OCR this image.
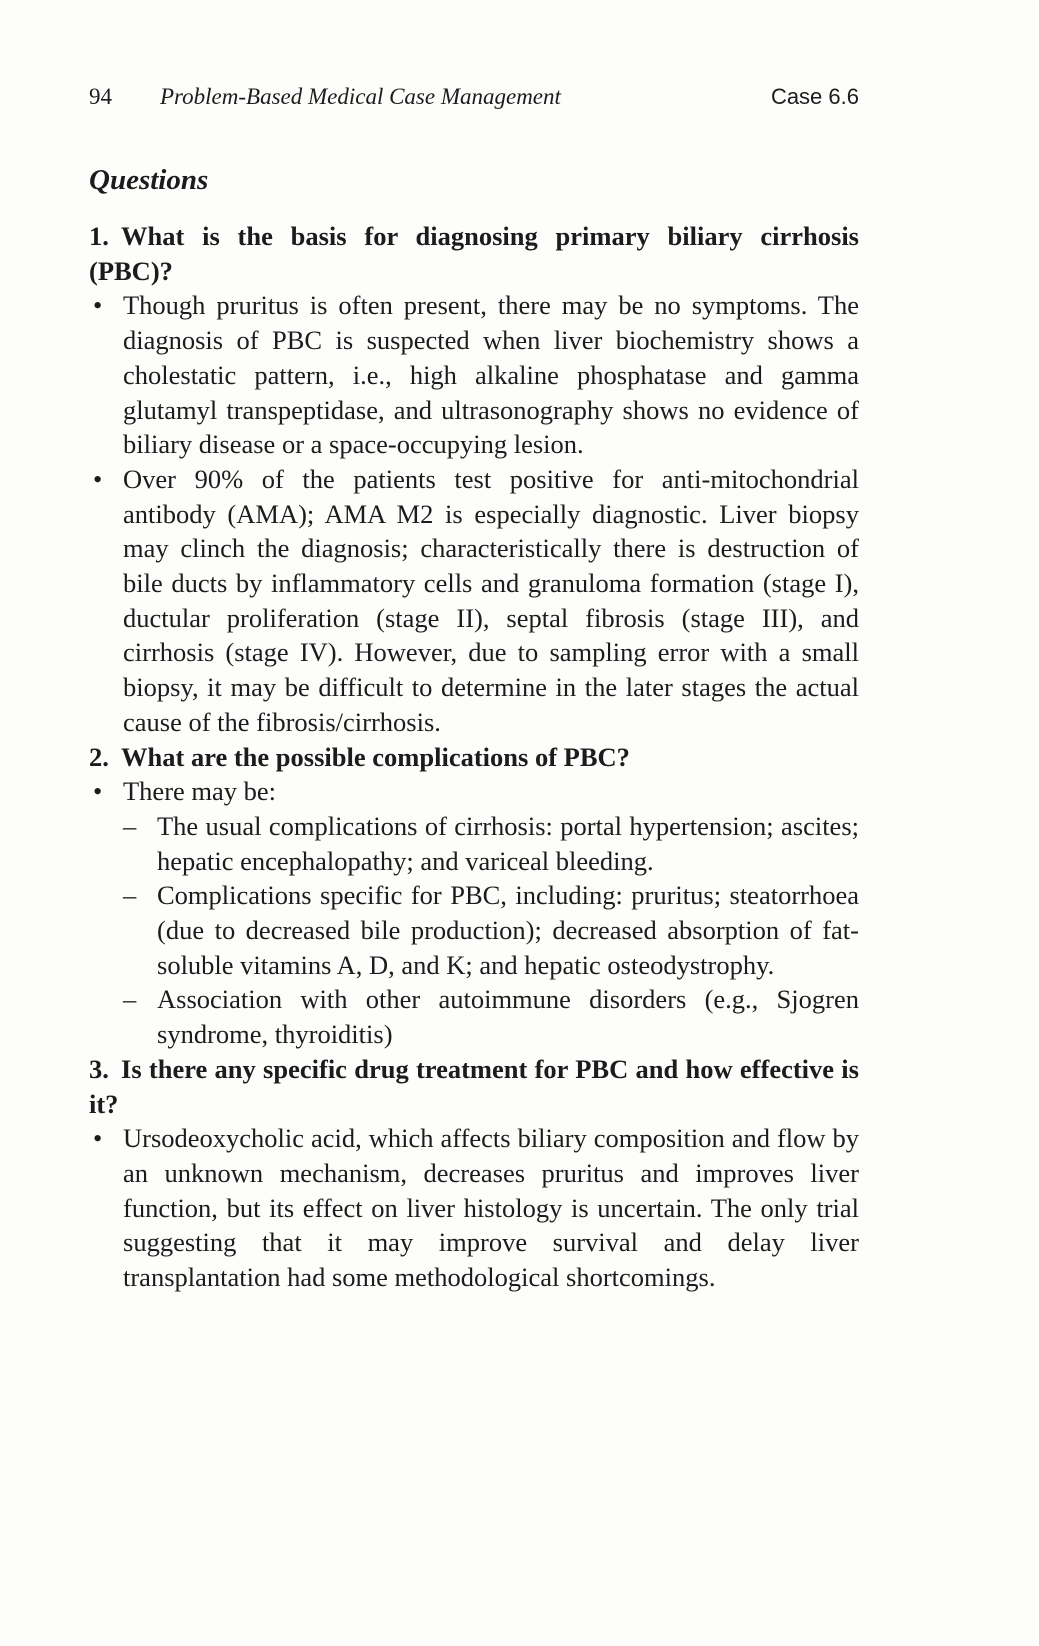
94 Problem-Based Medical Case Management	Case 6.6
Questions

1. What is the basis for diagnosing primary biliary cirrhosis (PBC)?

• Though pruritus is often present, there may be no symptoms. The diagnosis of PBC is suspected when liver biochemistry shows a cholestatic pattern, i.e., high alkaline phosphatase and gamma glutamyl transpeptidase, and ultrasonography shows no evidence of biliary disease or a space-occupying lesion.

• Over 90% of the patients test positive for anti-mitochondrial antibody (AMA); AMA M2 is especially diagnostic. Liver biopsy may clinch the diagnosis; characteristically there is destruction of bile ducts by inflammatory cells and granuloma formation (stage I), ductular proliferation (stage II), septal fibrosis (stage III), and cirrhosis (stage IV). However, due to sampling error with a small biopsy, it may be difficult to determine in the later stages the actual cause of the fibrosis/cirrhosis.

2. What are the possible complications of PBC?

• There may be:

– The usual complications of cirrhosis: portal hypertension; ascites; hepatic encephalopathy; and variceal bleeding.

– Complications specific for PBC, including: pruritus; steatorrhoea (due to decreased bile production); decreased absorption of fat-soluble vitamins A, D, and K; and hepatic osteodystrophy.

– Association with other autoimmune disorders (e.g., Sjogren syndrome, thyroiditis)

3. Is there any specific drug treatment for PBC and how effective is it?

• Ursodeoxycholic acid, which affects biliary composition and flow by an unknown mechanism, decreases pruritus and improves liver function, but its effect on liver histology is uncertain. The only trial suggesting that it may improve survival and delay liver transplantation had some methodological shortcomings.
